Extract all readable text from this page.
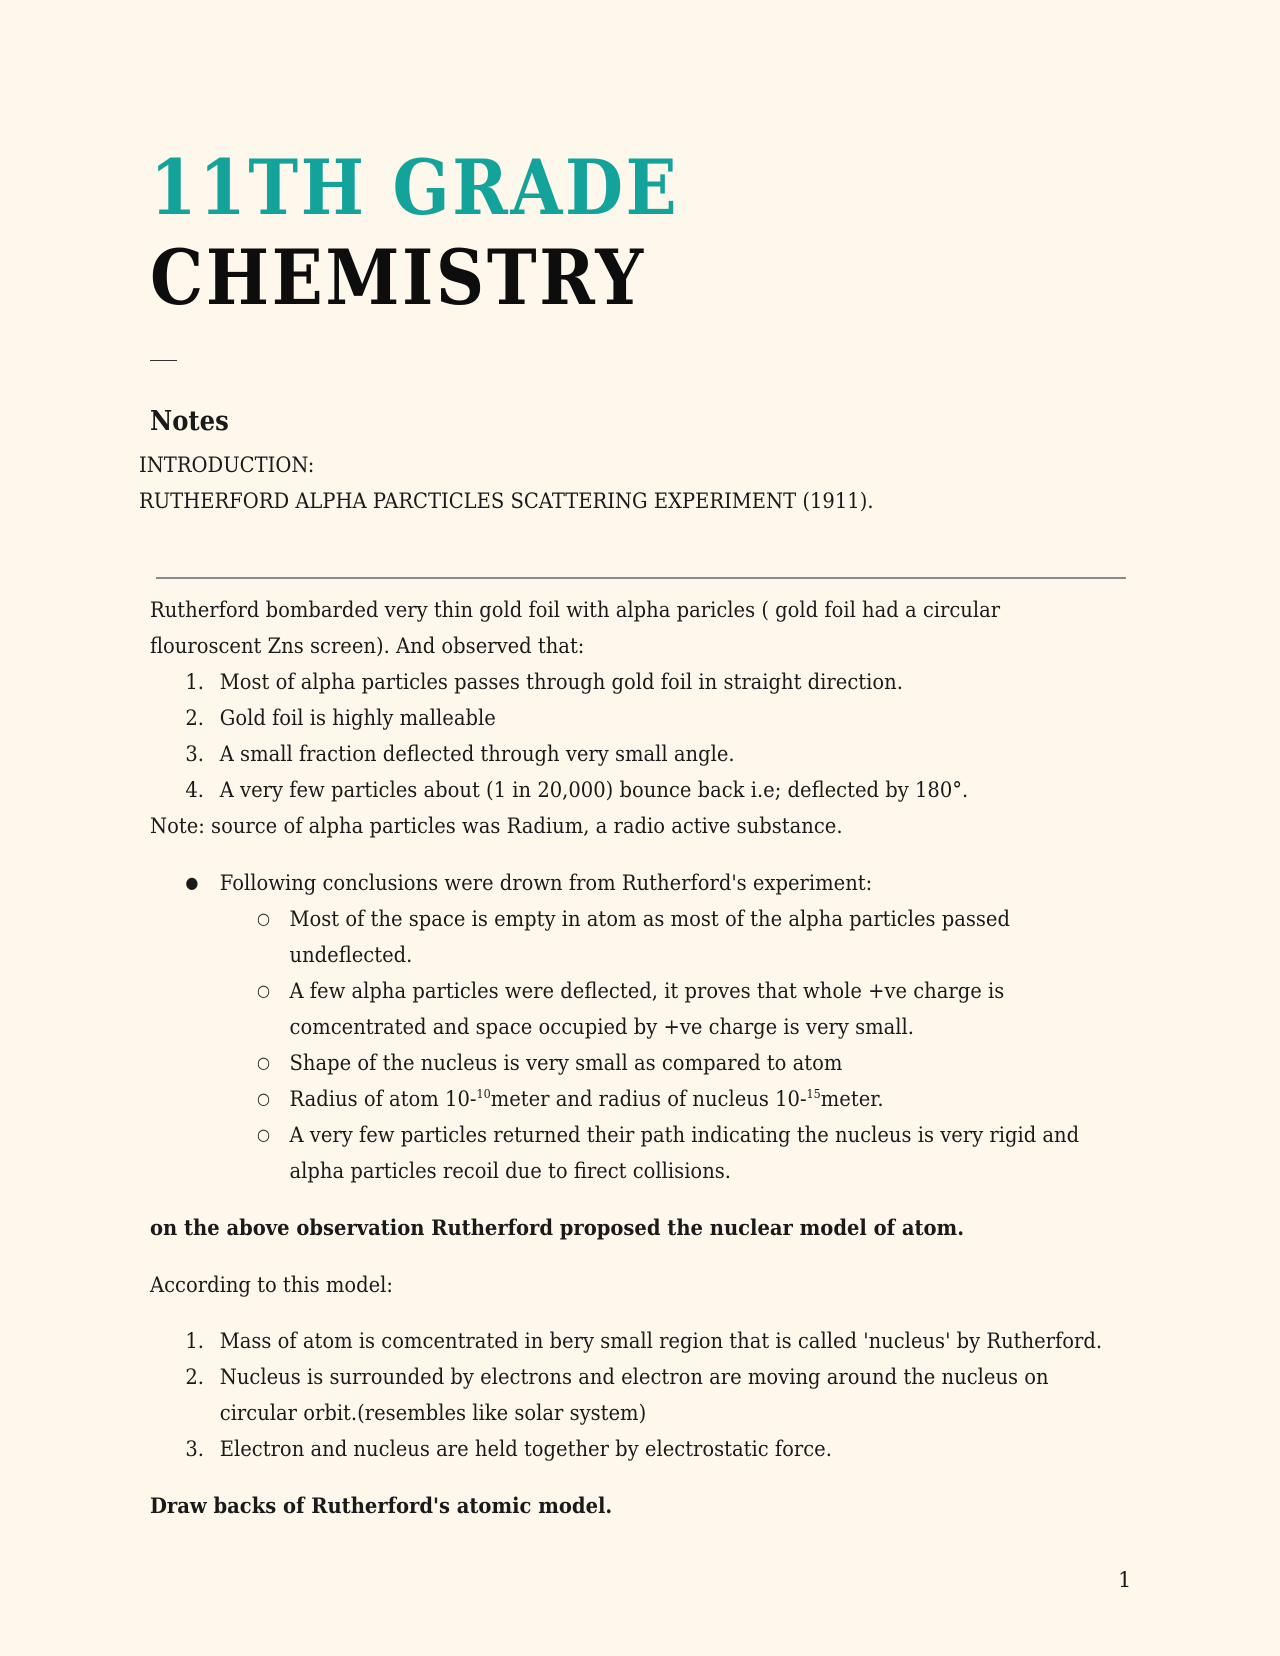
11TH GRADE
CHEMISTRY
Notes
INTRODUCTION:
RUTHERFORD ALPHA PARCTICLES SCATTERING EXPERIMENT (1911).
Rutherford bombarded very thin gold foil with alpha paricles ( gold foil had a circular
flouroscent Zns screen). And observed that:
1. Most of alpha particles passes through gold foil in straight direction.
2. Gold foil is highly malleable
3. A small fraction deflected through very small angle.
4. A very few particles about (1 in 20,000) bounce back i.e; deflected by 180°.
Note: source of alpha particles was Radium, a radio active substance.
● Following conclusions were drown from Rutherford's experiment:
○ Most of the space is empty in atom as most of the alpha particles passed
undeflected.
○ A few alpha particles were deflected, it proves that whole +ve charge is
comcentrated and space occupied by +ve charge is very small.
○ Shape of the nucleus is very small as compared to atom
○ Radius of atom 10-$^{10}$meter and radius of nucleus 10-$^{15}$meter.
○ A very few particles returned their path indicating the nucleus is very rigid and
alpha particles recoil due to firect collisions.
on the above observation Rutherford proposed the nuclear model of atom.
According to this model:
1. Mass of atom is comcentrated in bery small region that is called 'nucleus' by Rutherford.
2. Nucleus is surrounded by electrons and electron are moving around the nucleus on
circular orbit.(resembles like solar system)
3. Electron and nucleus are held together by electrostatic force.
Draw backs of Rutherford's atomic model.
1
